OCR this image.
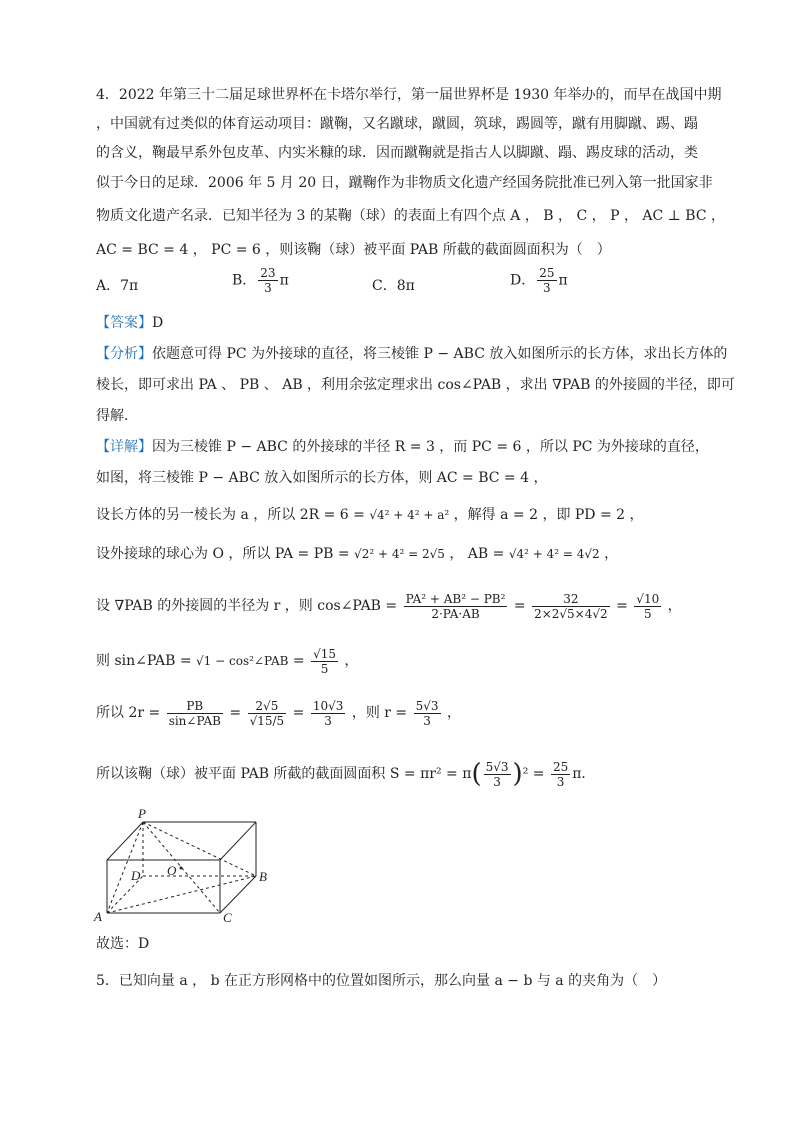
4．2022 年第三十二届足球世界杯在卡塔尔举行，第一届世界杯是 1930 年举办的，而早在战国中期
，中国就有过类似的体育运动项目：蹴鞠，又名蹴球，蹴圆，筑球，踢圆等，蹴有用脚蹴、踢、蹋
的含义，鞠最早系外包皮革、内实米糠的球．因而蹴鞠就是指古人以脚蹴、蹋、踢皮球的活动，类
似于今日的足球．2006 年 5 月 20 日，蹴鞠作为非物质文化遗产经国务院批准已列入第一批国家非
物质文化遗产名录．已知半径为 3 的某鞠（球）的表面上有四个点 A ， B ， C ， P ， AC ⊥ BC ，
AC = BC = 4 ， PC = 6 ，则该鞠（球）被平面 PAB 所截的截面圆面积为（　）
A．7π	B． $\frac{23}{3}$ π	C．8π	D． $\frac{25}{3}$ π
【答案】D
【分析】依题意可得 PC 为外接球的直径，将三棱锥 P − ABC 放入如图所示的长方体，求出长方体的
棱长，即可求出 PA 、 PB 、 AB ，利用余弦定理求出 cos∠PAB ，求出 ∇PAB 的外接圆的半径，即可
得解.
【详解】因为三棱锥 P − ABC 的外接球的半径 R = 3 ，而 PC = 6 ，所以 PC 为外接球的直径，
如图，将三棱锥 P − ABC 放入如图所示的长方体，则 AC = BC = 4 ，
设长方体的另一棱长为 a ，所以 2R = 6 = √4² + 4² + a² ，解得 a = 2 ，即 PD = 2 ，
设外接球的球心为 O ，所以 PA = PB = √2² + 4² = 2√5 ， AB = √4² + 4² = 4√2 ，
设 ∇PAB 的外接圆的半径为 r ，则 cos∠PAB = $\frac{\text{PA² + AB² − PB²}}{2\cdot PA\cdot AB} = \frac{32}{2\times 2√5\times 4√2} = \frac{√10}{5}$ ，
则 sin∠PAB = √1 − cos²∠PAB = $\frac{√15}{5}$ ，
所以 $2r = \frac{PB}{\text{sin∠PAB}} = \frac{2√5}{√15/5} = \frac{10√3}{3}$ ，则 $r = \frac{5√3}{3}$ ，
所以该鞠（球）被平面 PAB 所截的截面圆面积 $S = \pi r^2 = \pi( \frac{5√3}{3} )^2 = \frac{25}{3}$ π．
P
D O	B
A	C
故选：D
5．已知向量 a ， b 在正方形网格中的位置如图所示，那么向量 a − b 与 a 的夹角为（　）
